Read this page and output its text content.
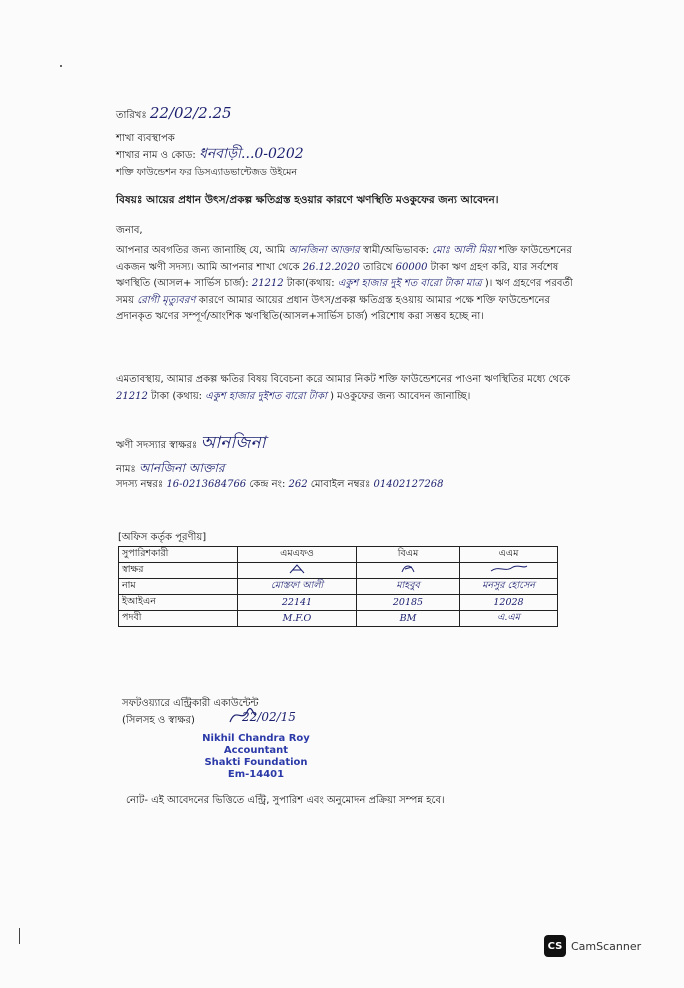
তারিখঃ 22/02/2.25
শাখা ব্যবস্থাপক
শাখার নাম ও কোড: ধনবাড়ী...0-0202
শক্তি ফাউন্ডেশন ফর ডিসএ্যাডভান্টেজড উইমেন
বিষয়ঃ আয়ের প্রধান উৎস/প্রকল্প ক্ষতিগ্রস্ত হওয়ার কারণে ঋণস্থিতি মওকুফের জন্য আবেদন।
জনাব,
আপনার অবগতির জন্য জানাচ্ছি যে, আমি আনজিনা আক্তার স্বামী/অভিভাবক: মোঃ আলী মিয়া শক্তি ফাউন্ডেশনের একজন ঋণী সদস্য। আমি আপনার শাখা থেকে 26.12.2020 তারিখে 60000 টাকা ঋণ গ্রহণ করি, যার সর্বশেষ ঋণস্থিতি (আসল+ সার্ভিস চার্জ): 21212 টাকা(কথায়: একুশ হাজার দুই শত বারো টাকা মাত্র )। ঋণ গ্রহণের পরবর্তী সময় রোগী মৃত্যুবরণ কারণে আমার আয়ের প্রধান উৎস/প্রকল্প ক্ষতিগ্রস্ত হওয়ায় আমার পক্ষে শক্তি ফাউন্ডেশনের প্রদানকৃত ঋণের সম্পূর্ণ/আংশিক ঋণস্থিতি(আসল+সার্ভিস চার্জ) পরিশোধ করা সম্ভব হচ্ছে না।
এমতাবস্থায়, আমার প্রকল্প ক্ষতির বিষয় বিবেচনা করে আমার নিকট শক্তি ফাউন্ডেশনের পাওনা ঋণস্থিতির মধ্যে থেকে 21212 টাকা (কথায়: একুশ হাজার দুইশত বারো টাকা ) মওকুফের জন্য আবেদন জানাচ্ছি।
ঋণী সদস্যার স্বাক্ষরঃ আনজিনা
নামঃ আনজিনা আক্তার
সদস্য নম্বরঃ 16-0213684766 কেন্দ্র নং: 262 মোবাইল নম্বরঃ 01402127268
[অফিস কর্তৃক পূরণীয়]
সুপারিশকারী	এমএফও	বিএম	এএম
স্বাক্ষর			
নাম	মোস্তফা আলী	মাহবুব	মনসুর হোসেন
ইআইএন	22141	20185	12028
পদবী	M.F.O	BM	এ.এম
সফটওয়্যারে এন্ট্রিকারী একাউন্টেন্ট
(সিলসহ ও স্বাক্ষর)	22/02/15
Nikhil Chandra Roy
Accountant
Shakti Foundation
Em-14401
নোট- এই আবেদনের ভিত্তিতে এন্ট্রি, সুপারিশ এবং অনুমোদন প্রক্রিয়া সম্পন্ন হবে।
CS CamScanner
